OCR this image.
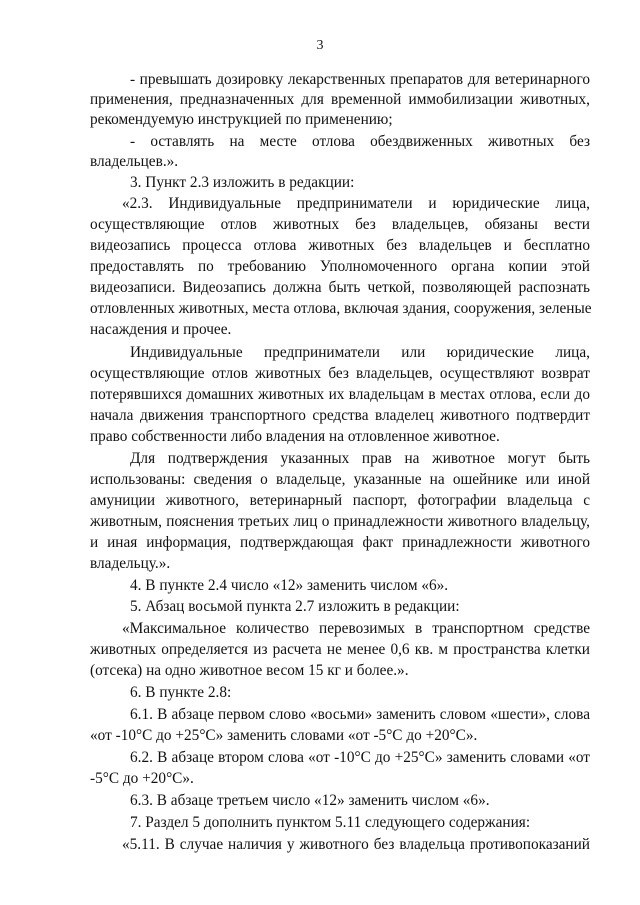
3
- превышать дозировку лекарственных препаратов для ветеринарного
применения, предназначенных для временной иммобилизации животных,
рекомендуемую инструкцией по применению;
- оставлять на месте отлова обездвиженных животных без
владельцев.».
3. Пункт 2.3 изложить в редакции:
«2.3. Индивидуальные предприниматели и юридические лица,
осуществляющие отлов животных без владельцев, обязаны вести
видеозапись процесса отлова животных без владельцев и бесплатно
предоставлять по требованию Уполномоченного органа копии этой
видеозаписи. Видеозапись должна быть четкой, позволяющей распознать
отловленных животных, места отлова, включая здания, сооружения, зеленые
насаждения и прочее.
Индивидуальные предприниматели или юридические лица,
осуществляющие отлов животных без владельцев, осуществляют возврат
потерявшихся домашних животных их владельцам в местах отлова, если до
начала движения транспортного средства владелец животного подтвердит
право собственности либо владения на отловленное животное.
Для подтверждения указанных прав на животное могут быть
использованы: сведения о владельце, указанные на ошейнике или иной
амуниции животного, ветеринарный паспорт, фотографии владельца с
животным, пояснения третьих лиц о принадлежности животного владельцу,
и иная информация, подтверждающая факт принадлежности животного
владельцу.».
4. В пункте 2.4 число «12» заменить числом «6».
5. Абзац восьмой пункта 2.7 изложить в редакции:
«Максимальное количество перевозимых в транспортном средстве
животных определяется из расчета не менее 0,6 кв. м пространства клетки
(отсека) на одно животное весом 15 кг и более.».
6. В пункте 2.8:
6.1. В абзаце первом слово «восьми» заменить словом «шести», слова
«от -10°С до +25°С» заменить словами «от -5°С до +20°С».
6.2. В абзаце втором слова «от -10°С до +25°С» заменить словами «от
-5°С до +20°С».
6.3. В абзаце третьем число «12» заменить числом «6».
7. Раздел 5 дополнить пунктом 5.11 следующего содержания:
«5.11. В случае наличия у животного без владельца противопоказаний
